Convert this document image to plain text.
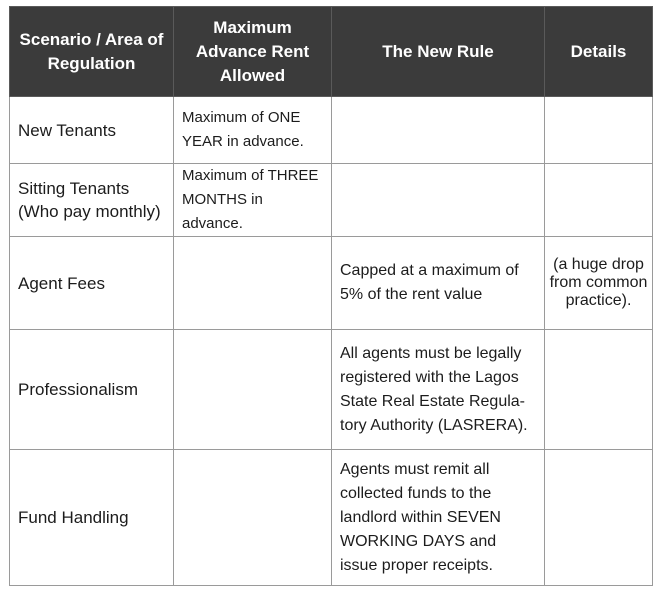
Scenario / Area of Regulation	Maximum Advance Rent Allowed	The New Rule	Details
New Tenants	Maximum of ONE YEAR in advance.		
Sitting Tenants (Who pay monthly)	Maximum of THREE MONTHS in advance.		
Agent Fees		Capped at a maximum of 5% of the rent value	(a huge drop from common practice).
Professionalism		All agents must be legally registered with the Lagos State Real Estate Regula-tory Authority (LASRERA).	
Fund Handling		Agents must remit all collected funds to the landlord within SEVEN WORKING DAYS and issue proper receipts.	
